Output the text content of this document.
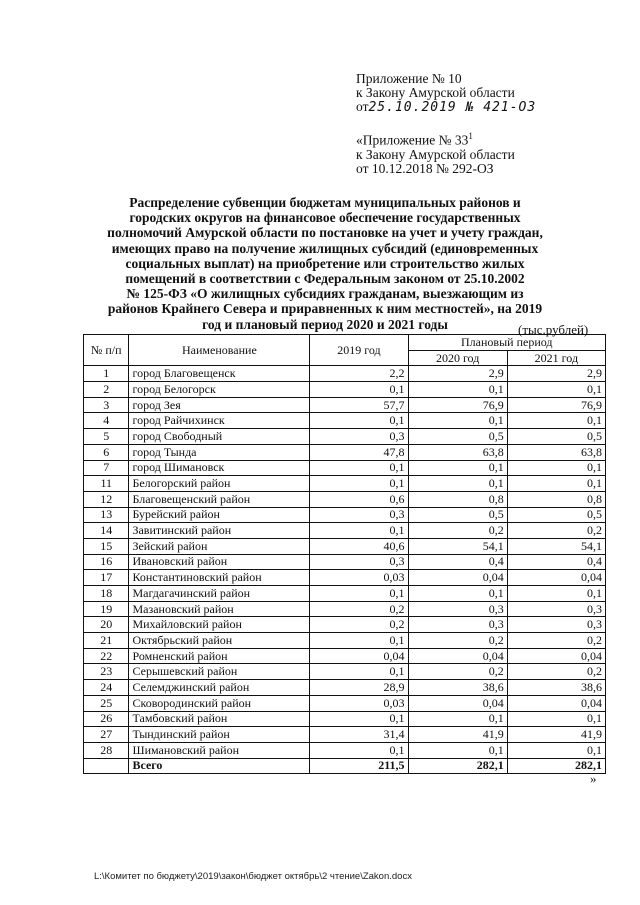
Приложение № 10
к Закону Амурской области
от25.10.2019 № 421-ОЗ
«Приложение № $33^1$
к Закону Амурской области
от 10.12.2018 № 292-ОЗ
Распределение субвенции бюджетам муниципальных районов и
городских округов на финансовое обеспечение государственных
полномочий Амурской области по постановке на учет и учету граждан,
имеющих право на получение жилищных субсидий (единовременных
социальных выплат) на приобретение или строительство жилых
помещений в соответствии с Федеральным законом от 25.10.2002
№ 125-ФЗ «О жилищных субсидиях гражданам, выезжающим из
районов Крайнего Севера и приравненных к ним местностей», на 2019
год и плановый период 2020 и 2021 годы	(тыс.рублей)
№ п/п	Наименование	2019 год	Плановый период	
			2020 год	2021 год
1	город Благовещенск	2,2	2,9	2,9
2	город Белогорск	0,1	0,1	0,1
3	город Зея	57,7	76,9	76,9
4	город Райчихинск	0,1	0,1	0,1
5	город Свободный	0,3	0,5	0,5
6	город Тында	47,8	63,8	63,8
7	город Шимановск	0,1	0,1	0,1
11	Белогорский район	0,1	0,1	0,1
12	Благовещенский район	0,6	0,8	0,8
13	Бурейский район	0,3	0,5	0,5
14	Завитинский район	0,1	0,2	0,2
15	Зейский район	40,6	54,1	54,1
16	Ивановский район	0,3	0,4	0,4
17	Константиновский район	0,03	0,04	0,04
18	Магдагачинский район	0,1	0,1	0,1
19	Мазановский район	0,2	0,3	0,3
20	Михайловский район	0,2	0,3	0,3
21	Октябрьский район	0,1	0,2	0,2
22	Ромненский район	0,04	0,04	0,04
23	Серышевский район	0,1	0,2	0,2
24	Селемджинский район	28,9	38,6	38,6
25	Сковородинский район	0,03	0,04	0,04
26	Тамбовский район	0,1	0,1	0,1
27	Тындинский район	31,4	41,9	41,9
28	Шимановский район	0,1	0,1	0,1
	Всего	211,5	282,1	282,1
»
L:\Комитет по бюджету\2019\закон\бюджет октябрь\2 чтение\Zakon.docx
